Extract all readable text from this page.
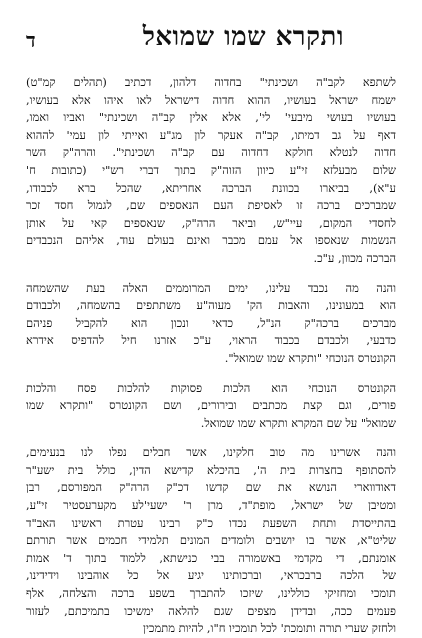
ד	ותקרא שמו שמואל
לשתפא לקב"ה ושכינתי" בחדוה דלהון, דכתיב (תהלים קמ"ט)
ישמח ישראל בעושיו, ההוא חדוה דישראל לאו איהו אלא בעושיו,
בעושיו בעושי מיבעי' לי', אלא אלין קב"ה ושכינתי" ואביו ואמו,
דאף על גב דמיתו, קב"ה אעקר לון מג"ע ואייתי לון עמי' לההוא
חדוה לנטלא חולקא דחדוה עם קב"ה ושכינתי". והרה"ק השר
שלום מבעלזא זי"ע כיוון הזוה"ק בתוך דברי רש"י (כתובות ח'
ע"א), בביארו בכוונת הברכה אחריתא, שהכל ברא לכבודו,
שמברכים ברכה זו לאסיפת העם הנאספים שם, לגמול חסד זכר
לחסדי המקום, עיי"ש, וביאר הרה"ק, שנאספים קאי על אותן
הנשמות שנאספו אל עמם מכבר ואינם בעולם עוד, אליהם הנכבדים
הברכה מכוון, ע"כ.
והנה מה נכבד עלינו, ימים המרוממים האלה בעת שהשמחה
הוא במעונינו, והאבות הק' מעוה"ע משתתפים בהשמחה, ולכבודם
מברכים ברכה"ק הנ"ל, כדאי ונכון הוא להקביל פניהם
כדבעי, ולכבדם בכבוד הראוי, ע"כ אזרנו חיל להדפיס אידרא
הקונטרס הנוכחי "ותקרא שמו שמואל".
הקונטרס הנוכחי הוא הלכות פסוקות להלכות פסח והלכות
פורים, וגם קצת מכתבים ובירורים, ושם הקונטרס "ותקרא שמו
שמואל" על שם המקרא ותקרא שמו שמואל.
והנה אשרינו מה טוב חלקינו, אשר חבלים נפלו לנו בנעימים,
להסתופף בחצרות בית ה', בהיכלא קדישא הדין, כולל בית ישע"ר
דאודווארי הנושא את שם קדשו דכ"ק הרה"ק המפורסם, רבן
ומטיבן של ישראל, מופת"ד, מרן ר' ישעי'לע מקערעסטיר זי"ע,
בהתייסדת ותחת השפעת נכדו כ"ק רבינו עטרת ראשינו האב"ד
שליט"א, אשר בו יושבים ולומדים המונים תלמידי חכמים אשר תורתם
אומנתם, די מקדמי באשמורה בבי כנישתא, ללמוד בתוך ד' אמות
של הלכה ברבכראי, וברכותינו יגיע אל כל אוהבינו וידידינו,
תומכי ומחזיקי כוללינו, שיזכו להתברך בשפע ברכה והצלחה, אלף
פעמים ככה, ובדידן מצפים שגם להלאה ימשיכו בתמיכתם, לעזור
ולחזק שערי תורה ותומכת' לכל תומכיו ח"ו, להיות מתמכין
